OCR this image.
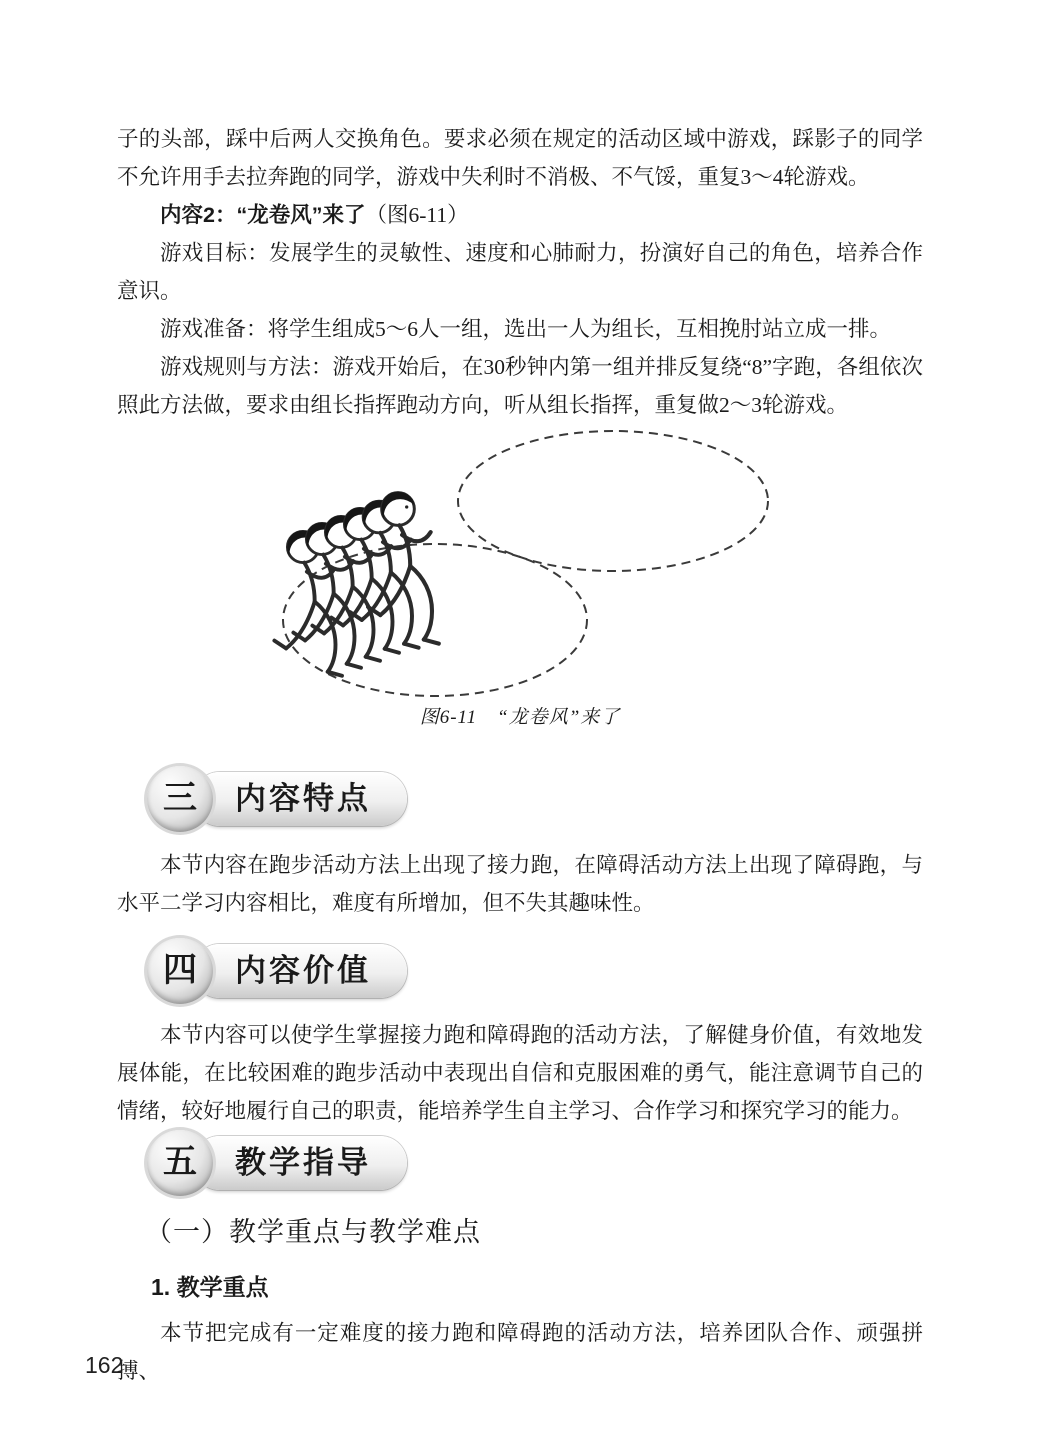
子的头部，踩中后两人交换角色。要求必须在规定的活动区域中游戏，踩影子的同学不允许用手去拉奔跑的同学，游戏中失利时不消极、不气馁，重复3～4轮游戏。

内容2：“龙卷风”来了（图6-11）

游戏目标：发展学生的灵敏性、速度和心肺耐力，扮演好自己的角色，培养合作意识。

游戏准备：将学生组成5～6人一组，选出一人为组长，互相挽肘站立成一排。

游戏规则与方法：游戏开始后，在30秒钟内第一组并排反复绕“8”字跑，各组依次照此方法做，要求由组长指挥跑动方向，听从组长指挥，重复做2～3轮游戏。

图6-11　“龙卷风”来了
三 内容特点

本节内容在跑步活动方法上出现了接力跑，在障碍活动方法上出现了障碍跑，与水平二学习内容相比，难度有所增加，但不失其趣味性。

四 内容价值

本节内容可以使学生掌握接力跑和障碍跑的活动方法，了解健身价值，有效地发展体能，在比较困难的跑步活动中表现出自信和克服困难的勇气，能注意调节自己的情绪，较好地履行自己的职责，能培养学生自主学习、合作学习和探究学习的能力。

五 教学指导
（一）教学重点与教学难点
1. 教学重点

本节把完成有一定难度的接力跑和障碍跑的活动方法，培养团队合作、顽强拼搏、

162
